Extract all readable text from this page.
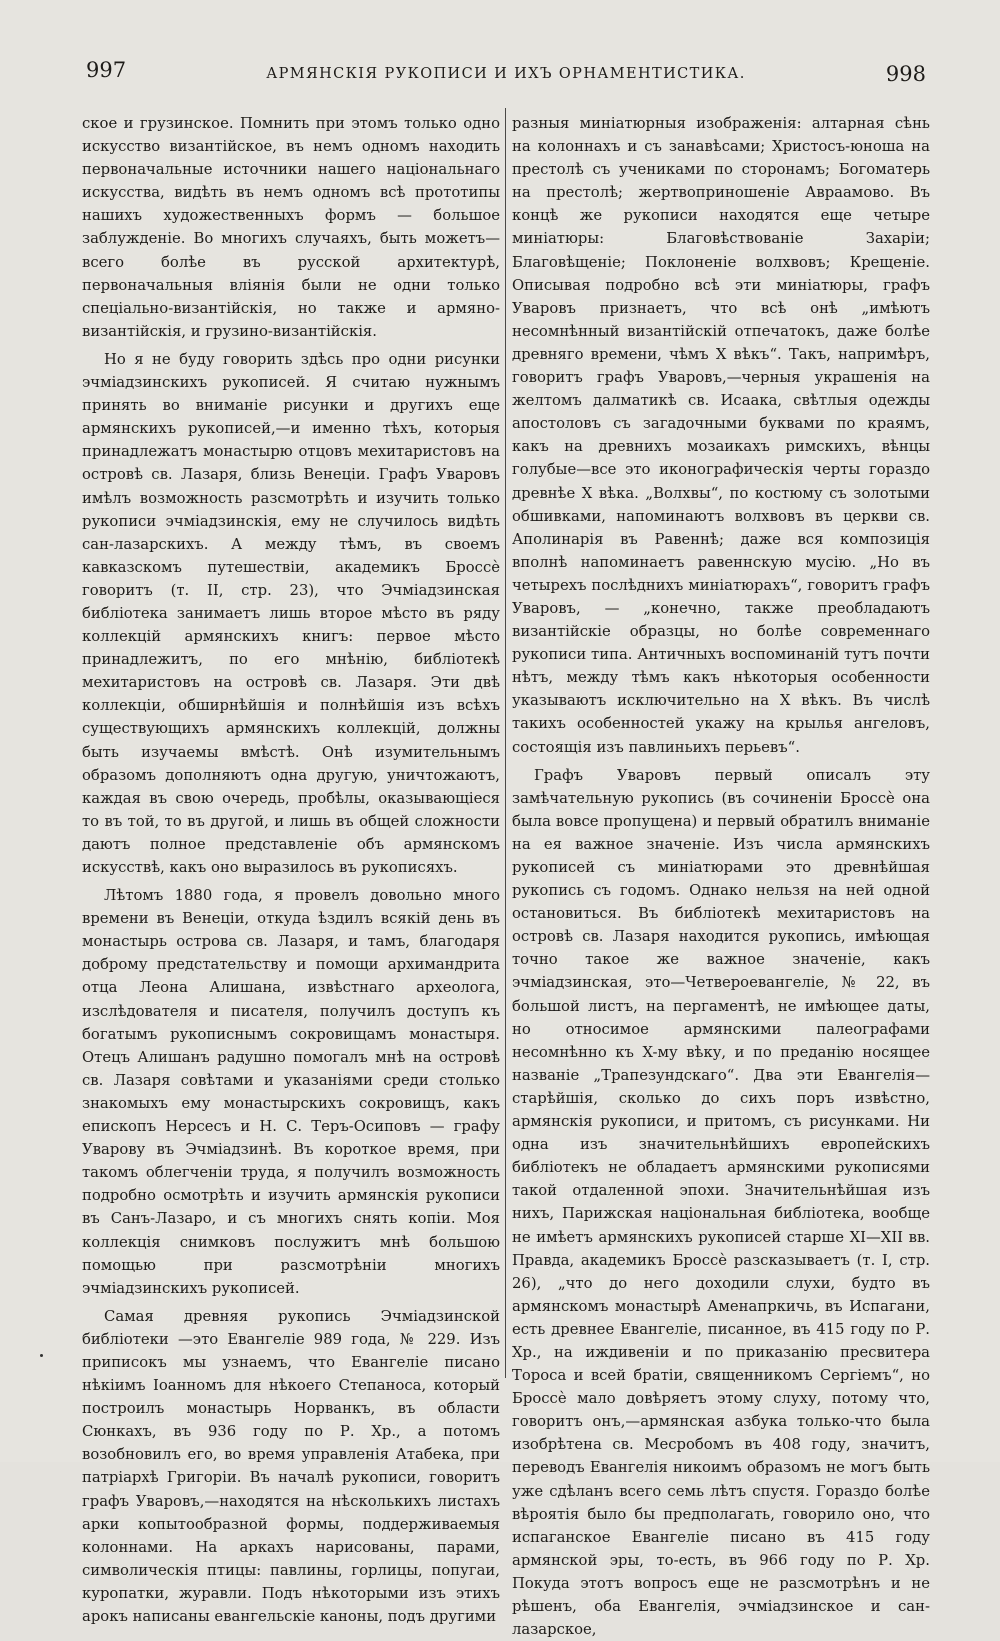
997	АРМЯНСКІЯ РУКОПИСИ И ИХЪ ОРНАМЕНТИСТИКА.	998

ское и грузинское. Помнить при этомъ только одно искусство византійское, въ немъ одномъ находить первоначальные источники нашего національнаго искусства, видѣть въ немъ одномъ всѣ прототипы нашихъ художественныхъ формъ — большое заблужденіе. Во многихъ случаяхъ, быть можетъ—всего болѣе въ русской архитектурѣ, первоначальныя вліянія были не одни только спеціально-византійскія, но также и армяно-византійскія, и грузино-византійскія.

Но я не буду говорить здѣсь про одни рисунки эчміадзинскихъ рукописей. Я считаю нужнымъ принять во вниманіе рисунки и другихъ еще армянскихъ рукописей,—и именно тѣхъ, которыя принадлежатъ монастырю отцовъ мехитаристовъ на островѣ св. Лазаря, близь Венеціи. Графъ Уваровъ имѣлъ возможность разсмотрѣть и изучить только рукописи эчміадзинскія, ему не случилось видѣть сан-лазарскихъ. А между тѣмъ, въ своемъ кавказскомъ путешествіи, академикъ Броссѐ говоритъ (т. II, стр. 23), что Эчміадзинская библіотека занимаетъ лишь второе мѣсто въ ряду коллекцій армянскихъ книгъ: первое мѣсто принадлежитъ, по его мнѣнію, библіотекѣ мехитаристовъ на островѣ св. Лазаря. Эти двѣ коллекціи, обширнѣйшія и полнѣйшія изъ всѣхъ существующихъ армянскихъ коллекцій, должны быть изучаемы вмѣстѣ. Онѣ изумительнымъ образомъ дополняютъ одна другую, уничтожаютъ, каждая въ свою очередь, пробѣлы, оказывающіеся то въ той, то въ другой, и лишь въ общей сложности даютъ полное представленіе объ армянскомъ искусствѣ, какъ оно выразилось въ рукописяхъ.

Лѣтомъ 1880 года, я провелъ довольно много времени въ Венеціи, откуда ѣздилъ всякій день въ монастырь острова св. Лазаря, и тамъ, благодаря доброму предстательству и помощи архимандрита отца Леона Алишана, извѣстнаго археолога, изслѣдователя и писателя, получилъ доступъ къ богатымъ рукописнымъ сокровищамъ монастыря. Отецъ Алишанъ радушно помогалъ мнѣ на островѣ св. Лазаря совѣтами и указаніями среди столько знакомыхъ ему монастырскихъ сокровищъ, какъ епископъ Нерсесъ и Н. С. Теръ-Осиповъ — графу Уварову въ Эчміадзинѣ. Въ короткое время, при такомъ облегченіи труда, я получилъ возможность подробно осмотрѣть и изучить армянскія рукописи въ Санъ-Лазаро, и съ многихъ снять копіи. Моя коллекція снимковъ послужитъ мнѣ большою помощью при разсмотрѣніи многихъ эчміадзинскихъ рукописей.

Самая древняя рукопись Эчміадзинской библіотеки —это Евангеліе 989 года, № 229. Изъ приписокъ мы узнаемъ, что Евангеліе писано нѣкіимъ Іоанномъ для нѣкоего Степаноса, который построилъ монастырь Норванкъ, въ области Сюнкахъ, въ 936 году по Р. Хр., а потомъ возобновилъ его, во время управленія Атабека, при патріархѣ Григоріи. Въ началѣ рукописи, говоритъ графъ Уваровъ,—находятся на нѣсколькихъ листахъ арки копытообразной формы, поддерживаемыя колоннами. На аркахъ нарисованы, парами, символическія птицы: павлины, горлицы, попугаи, куропатки, журавли. Подъ нѣкоторыми изъ этихъ арокъ написаны евангельскіе каноны, подъ другими

разныя миніатюрныя изображенія: алтарная сѣнь на колоннахъ и съ занавѣсами; Христосъ-юноша на престолѣ съ учениками по сторонамъ; Богоматерь на престолѣ; жертвоприношеніе Авраамово. Въ концѣ же рукописи находятся еще четыре миніатюры: Благовѣствованіе Захаріи; Благовѣщеніе; Поклоненіе волхвовъ; Крещеніе. Описывая подробно всѣ эти миніатюры, графъ Уваровъ признаетъ, что всѣ онѣ „имѣютъ несомнѣнный византійскій отпечатокъ, даже болѣе древняго времени, чѣмъ X вѣкъ“. Такъ, напримѣръ, говоритъ графъ Уваровъ,—черныя украшенія на желтомъ далматикѣ св. Исаака, свѣтлыя одежды апостоловъ съ загадочными буквами по краямъ, какъ на древнихъ мозаикахъ римскихъ, вѣнцы голубые—все это иконографическія черты гораздо древнѣе X вѣка. „Волхвы“, по костюму съ золотыми обшивками, напоминаютъ волхвовъ въ церкви св. Аполинарія въ Равеннѣ; даже вся композиція вполнѣ напоминаетъ равеннскую мусію. „Но въ четырехъ послѣднихъ миніатюрахъ“, говоритъ графъ Уваровъ, — „конечно, также преобладаютъ византійскіе образцы, но болѣе современнаго рукописи типа. Античныхъ воспоминаній тутъ почти нѣтъ, между тѣмъ какъ нѣкоторыя особенности указываютъ исключительно на X вѣкъ. Въ числѣ такихъ особенностей укажу на крылья ангеловъ, состоящія изъ павлиньихъ перьевъ“.

Графъ Уваровъ первый описалъ эту замѣчательную рукопись (въ сочиненіи Броссѐ она была вовсе пропущена) и первый обратилъ вниманіе на ея важное значеніе. Изъ числа армянскихъ рукописей съ миніатюрами это древнѣйшая рукопись съ годомъ. Однако нельзя на ней одной остановиться. Въ библіотекѣ мехитаристовъ на островѣ св. Лазаря находится рукопись, имѣющая точно такое же важное значеніе, какъ эчміадзинская, это—Четвероевангеліе, № 22, въ большой листъ, на пергаментѣ, не имѣющее даты, но относимое армянскими палеографами несомнѣнно къ X-му вѣку, и по преданію носящее названіе „Трапезундскаго“. Два эти Евангелія—старѣйшія, сколько до сихъ поръ извѣстно, армянскія рукописи, и притомъ, съ рисунками. Ни одна изъ значительнѣйшихъ европейскихъ библіотекъ не обладаетъ армянскими рукописями такой отдаленной эпохи. Значительнѣйшая изъ нихъ, Парижская національная библіотека, вообще не имѣетъ армянскихъ рукописей старше XI—XII вв. Правда, академикъ Броссѐ разсказываетъ (т. I, стр. 26), „что до него доходили слухи, будто въ армянскомъ монастырѣ Аменапркичь, въ Испагани, есть древнее Евангеліе, писанное, въ 415 году по Р. Хр., на иждивеніи и по приказанію пресвитера Тороса и всей братіи, священникомъ Сергіемъ“, но Броссѐ мало довѣряетъ этому слуху, потому что, говоритъ онъ,—армянская азбука только-что была изобрѣтена св. Месробомъ въ 408 году, значитъ, переводъ Евангелія никоимъ образомъ не могъ быть уже сдѣланъ всего семь лѣтъ спустя. Гораздо болѣе вѣроятія было бы предполагать, говорило оно, что испаганское Евангеліе писано въ 415 году армянской эры, то-есть, въ 966 году по Р. Хр. Покуда этотъ вопросъ еще не разсмотрѣнъ и не рѣшенъ, оба Евангелія, эчміадзинское и сан-лазарское,
